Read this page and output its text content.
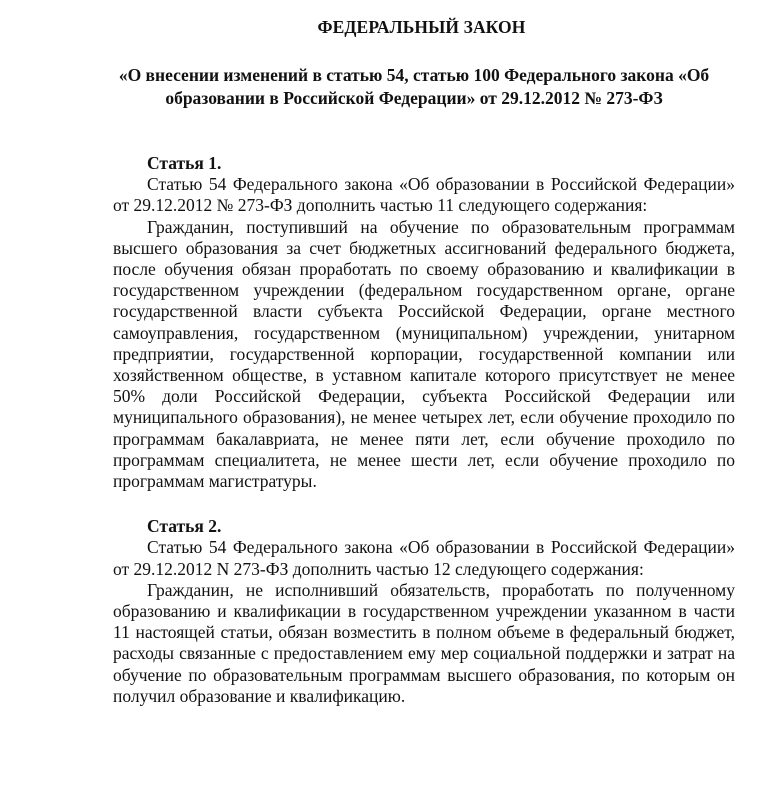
ФЕДЕРАЛЬНЫЙ ЗАКОН

«О внесении изменений в статью 54, статью 100 Федерального закона «Об образовании в Российской Федерации» от 29.12.2012 № 273-ФЗ

Статья 1.

Статью 54 Федерального закона «Об образовании в Российской Федерации» от 29.12.2012 № 273-ФЗ дополнить частью 11 следующего содержания:

Гражданин, поступивший на обучение по образовательным программам высшего образования за счет бюджетных ассигнований федерального бюджета, после обучения обязан проработать по своему образованию и квалификации в государственном учреждении (федеральном государственном органе, органе государственной власти субъекта Российской Федерации, органе местного самоуправления, государственном (муниципальном) учреждении, унитарном предприятии, государственной корпорации, государственной компании или хозяйственном обществе, в уставном капитале которого присутствует не менее 50% доли Российской Федерации, субъекта Российской Федерации или муниципального образования), не менее четырех лет, если обучение проходило по программам бакалавриата, не менее пяти лет, если обучение проходило по программам специалитета, не менее шести лет, если обучение проходило по программам магистратуры.

Статья 2.

Статью 54 Федерального закона «Об образовании в Российской Федерации» от 29.12.2012 N 273-ФЗ дополнить частью 12 следующего содержания:

Гражданин, не исполнивший обязательств, проработать по полученному образованию и квалификации в государственном учреждении указанном в части 11 настоящей статьи, обязан возместить в полном объеме в федеральный бюджет, расходы связанные с предоставлением ему мер социальной поддержки и затрат на обучение по образовательным программам высшего образования, по которым он получил образование и квалификацию.
